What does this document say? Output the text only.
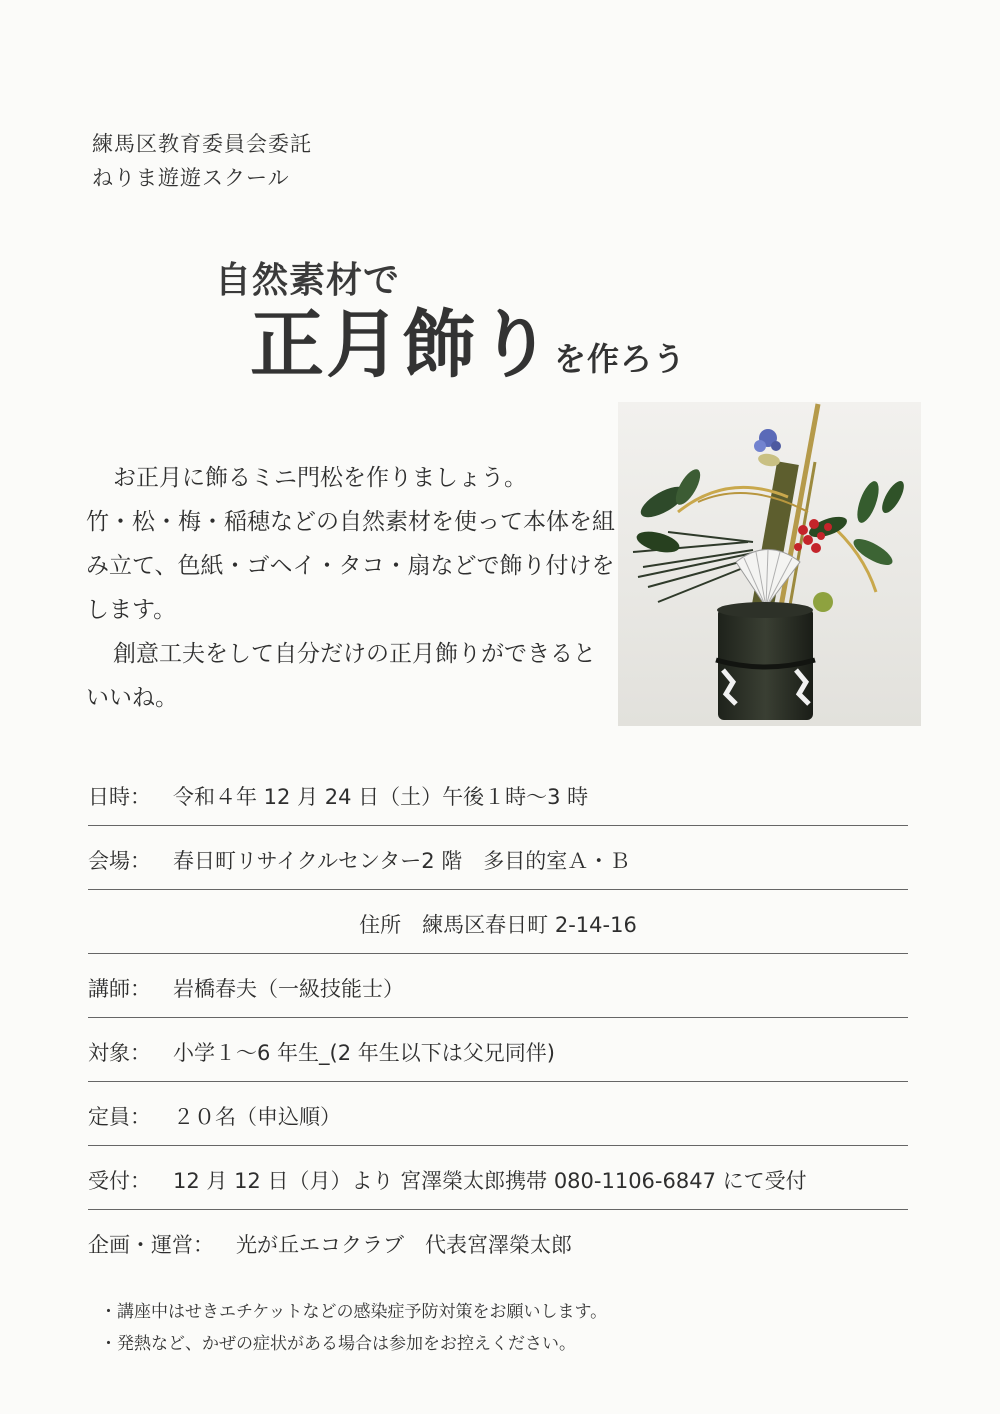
練馬区教育委員会委託
ねりま遊遊スクール
自然素材で
正月飾りを作ろう

お正月に飾るミニ門松を作りましょう。

竹・松・梅・稲穂などの自然素材を使って本体を組み立て、色紙・ゴヘイ・タコ・扇などで飾り付けをします。

創意工夫をして自分だけの正月飾りができるといいね。

日時： 令和４年 12 月 24 日（土）午後１時～3 時
会場： 春日町リサイクルセンター2 階　多目的室Ａ・Ｂ
住所　練馬区春日町 2-14-16
講師： 岩橋春夫（一級技能士）
対象： 小学１～6 年生_(2 年生以下は父兄同伴)
定員： ２０名（申込順）
受付： 12 月 12 日（月）より 宮澤榮太郎携帯 080-1106-6847 にて受付
企画・運営： 光が丘エコクラブ　代表宮澤榮太郎

・講座中はせきエチケットなどの感染症予防対策をお願いします。

・発熱など、かぜの症状がある場合は参加をお控えください。
